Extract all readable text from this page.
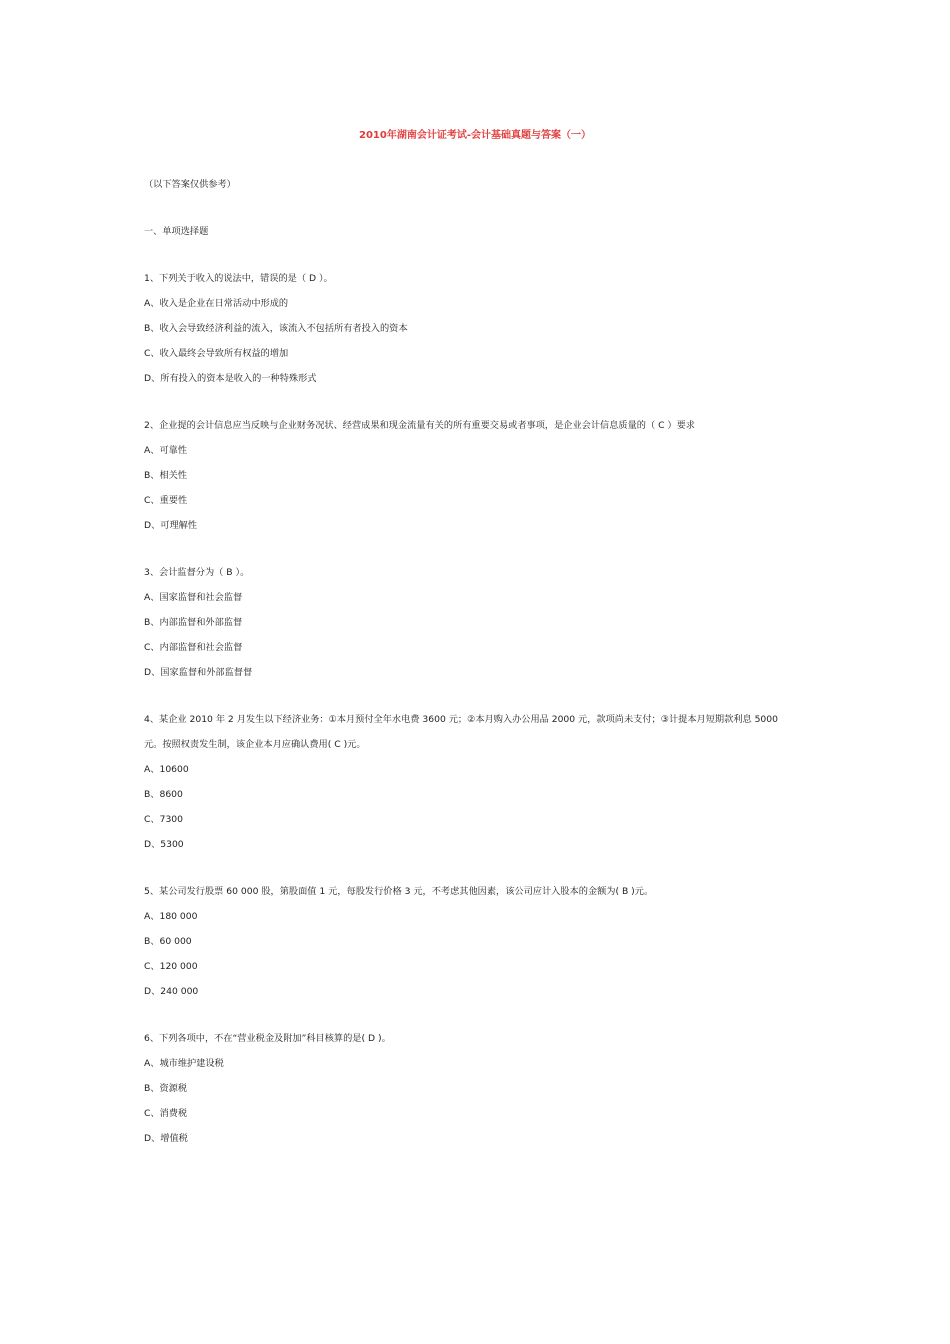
2010年湖南会计证考试-会计基础真题与答案（一）
（以下答案仅供参考）
一、单项选择题
1、下列关于收入的说法中，错误的是（ D ）。
A、收入是企业在日常活动中形成的
B、收入会导致经济利益的流入，该流入不包括所有者投入的资本
C、收入最终会导致所有权益的增加
D、所有投入的资本是收入的一种特殊形式
2、企业提的会计信息应当反映与企业财务况状、经营成果和现金流量有关的所有重要交易或者事项，是企业会计信息质量的（ C ）要求
A、可靠性
B、相关性
C、重要性
D、可理解性
3、会计监督分为（ B ）。
A、国家监督和社会监督
B、内部监督和外部监督
C、内部监督和社会监督
D、国家监督和外部监督督
4、某企业 2010 年 2 月发生以下经济业务：①本月预付全年水电费 3600 元；②本月购入办公用品 2000 元，款项尚未支付；③计提本月短期款利息 5000
元。按照权责发生制，该企业本月应确认费用( C )元。
A、10600
B、8600
C、7300
D、5300
5、某公司发行股票 60 000 股，第股面值 1 元，每股发行价格 3 元，不考虑其他因素，该公司应计入股本的金额为( B )元。
A、180 000
B、60 000
C、120 000
D、240 000
6、下列各项中，不在“营业税金及附加”科目核算的是( D )。
A、城市维护建设税
B、资源税
C、消费税
D、增值税
